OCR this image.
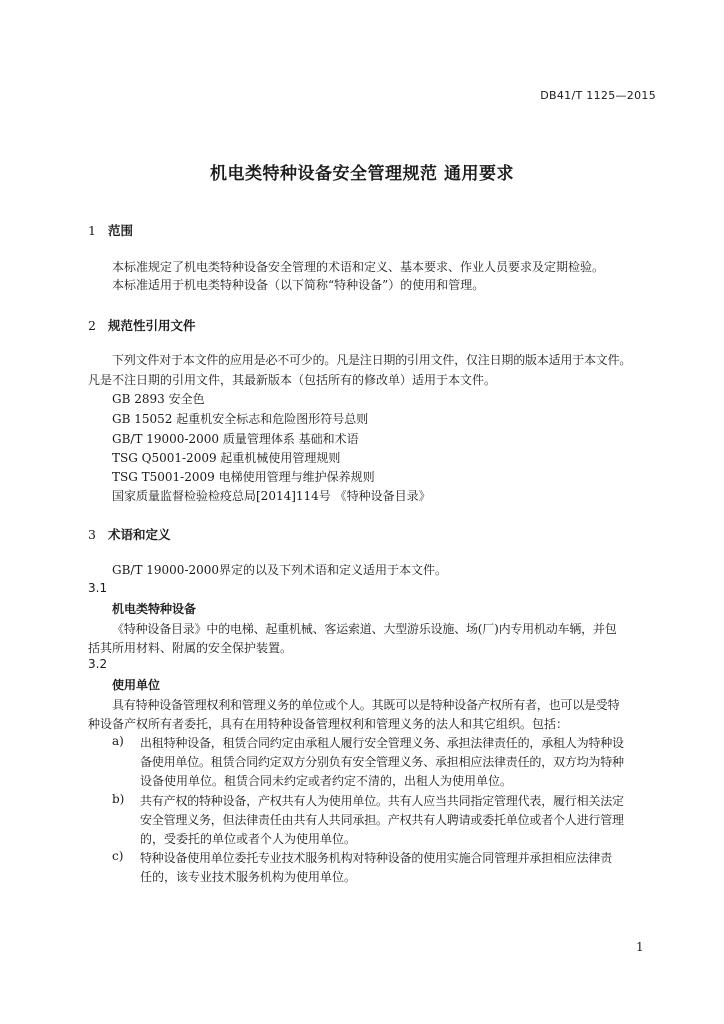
DB41/T 1125—2015
机电类特种设备安全管理规范 通用要求
1 范围
本标准规定了机电类特种设备安全管理的术语和定义、基本要求、作业人员要求及定期检验。
本标准适用于机电类特种设备（以下简称“特种设备”）的使用和管理。
2 规范性引用文件
下列文件对于本文件的应用是必不可少的。凡是注日期的引用文件，仅注日期的版本适用于本文件。
凡是不注日期的引用文件，其最新版本（包括所有的修改单）适用于本文件。
GB 2893 安全色
GB 15052 起重机安全标志和危险图形符号总则
GB/T 19000-2000 质量管理体系 基础和术语
TSG Q5001-2009 起重机械使用管理规则
TSG T5001-2009 电梯使用管理与维护保养规则
国家质量监督检验检疫总局[2014]114号 《特种设备目录》
3 术语和定义
GB/T 19000-2000界定的以及下列术语和定义适用于本文件。
3.1
机电类特种设备
《特种设备目录》中的电梯、起重机械、客运索道、大型游乐设施、场(厂)内专用机动车辆，并包
括其所用材料、附属的安全保护装置。
3.2
使用单位
具有特种设备管理权利和管理义务的单位或个人。其既可以是特种设备产权所有者，也可以是受特
种设备产权所有者委托，具有在用特种设备管理权利和管理义务的法人和其它组织。包括：
a) 出租特种设备，租赁合同约定由承租人履行安全管理义务、承担法律责任的，承租人为特种设
备使用单位。租赁合同约定双方分别负有安全管理义务、承担相应法律责任的，双方均为特种
设备使用单位。租赁合同未约定或者约定不清的，出租人为使用单位。
b) 共有产权的特种设备，产权共有人为使用单位。共有人应当共同指定管理代表，履行相关法定
安全管理义务，但法律责任由共有人共同承担。产权共有人聘请或委托单位或者个人进行管理
的，受委托的单位或者个人为使用单位。
c) 特种设备使用单位委托专业技术服务机构对特种设备的使用实施合同管理并承担相应法律责
任的，该专业技术服务机构为使用单位。
1
